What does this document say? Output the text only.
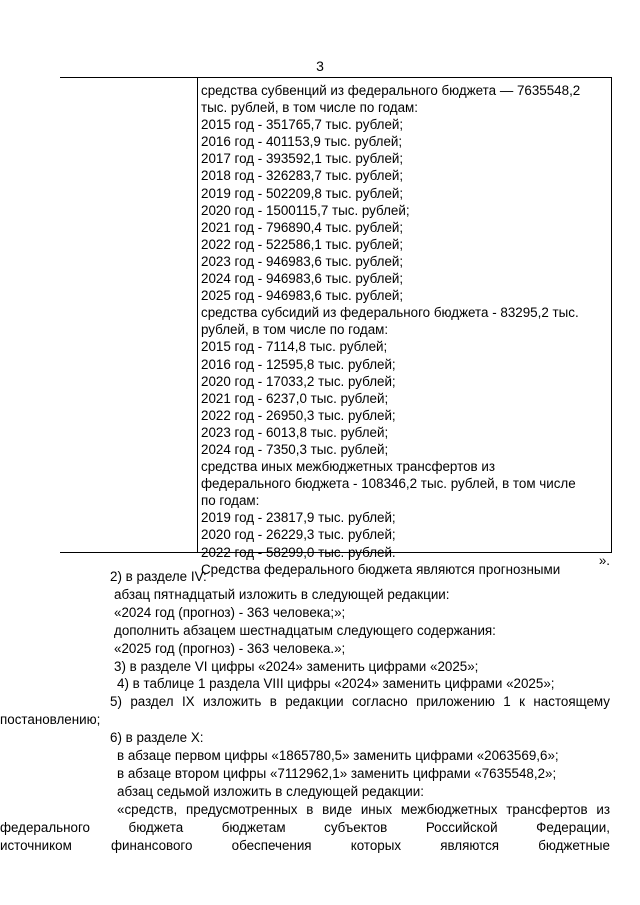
3
средства субвенций из федерального бюджета — 7635548,2
тыс. рублей, в том числе по годам:
2015 год - 351765,7 тыс. рублей;
2016 год - 401153,9 тыс. рублей;
2017 год - 393592,1 тыс. рублей;
2018 год - 326283,7 тыс. рублей;
2019 год - 502209,8 тыс. рублей;
2020 год - 1500115,7 тыс. рублей;
2021 год - 796890,4 тыс. рублей;
2022 год - 522586,1 тыс. рублей;
2023 год - 946983,6 тыс. рублей;
2024 год - 946983,6 тыс. рублей;
2025 год - 946983,6 тыс. рублей;
средства субсидий из федерального бюджета - 83295,2 тыс.
рублей, в том числе по годам:
2015 год - 7114,8 тыс. рублей;
2016 год - 12595,8 тыс. рублей;
2020 год - 17033,2 тыс. рублей;
2021 год - 6237,0 тыс. рублей;
2022 год - 26950,3 тыс. рублей;
2023 год - 6013,8 тыс. рублей;
2024 год - 7350,3 тыс. рублей;
средства иных межбюджетных трансфертов из
федерального бюджета - 108346,2 тыс. рублей, в том числе
по годам:
2019 год - 23817,9 тыс. рублей;
2020 год - 26229,3 тыс. рублей;
2022 год - 58299,0 тыс. рублей.
Средства федерального бюджета являются прогнозными
».
2) в разделе IV:
абзац пятнадцатый изложить в следующей редакции:
«2024 год (прогноз) - 363 человека;»;
дополнить абзацем шестнадцатым следующего содержания:
«2025 год (прогноз) - 363 человека.»;
3) в разделе VI цифры «2024» заменить цифрами «2025»;
4) в таблице 1 раздела VIII цифры «2024» заменить цифрами «2025»;
5) раздел IX изложить в редакции согласно приложению 1 к настоящему
постановлению;
6) в разделе X:
в абзаце первом цифры «1865780,5» заменить цифрами «2063569,6»;
в абзаце втором цифры «7112962,1» заменить цифрами «7635548,2»;
абзац седьмой изложить в следующей редакции:
«средств, предусмотренных в виде иных межбюджетных трансфертов из
федерального бюджета бюджетам субъектов Российской Федерации,
источником финансового обеспечения которых являются бюджетные
